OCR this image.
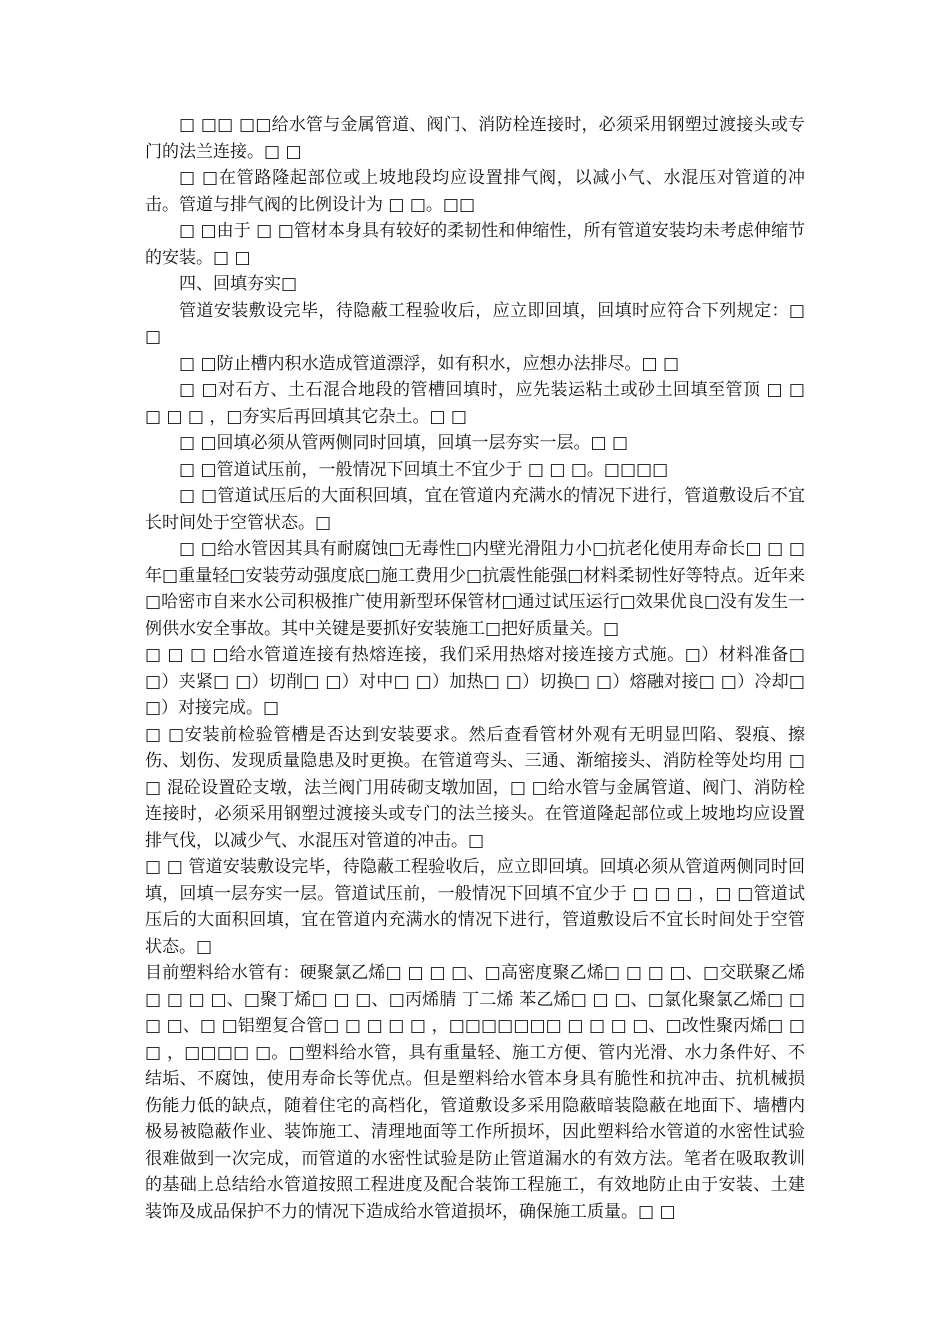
□ □□ □□给水管与金属管道、阀门、消防栓连接时，必须采用钢塑过渡接头或专门的法兰连接。□ □

□ □在管路隆起部位或上坡地段均应设置排气阀，以减小气、水混压对管道的冲击。管道与排气阀的比例设计为 □ □。□□

□ □由于 □ □管材本身具有较好的柔韧性和伸缩性，所有管道安装均未考虑伸缩节的安装。□ □

四、回填夯实□

管道安装敷设完毕，待隐蔽工程验收后，应立即回填，回填时应符合下列规定：□ □

□ □防止槽内积水造成管道漂浮，如有积水，应想办法排尽。□ □

□ □对石方、土石混合地段的管槽回填时，应先装运粘土或砂土回填至管顶 □ □ □ □ □ ，□夯实后再回填其它杂土。□ □

□ □回填必须从管两侧同时回填，回填一层夯实一层。□ □

□ □管道试压前，一般情况下回填土不宜少于 □ □ □。□□□□

□ □管道试压后的大面积回填，宜在管道内充满水的情况下进行，管道敷设后不宜长时间处于空管状态。□

□ □给水管因其具有耐腐蚀□无毒性□内壁光滑阻力小□抗老化使用寿命长□ □ □ 年□重量轻□安装劳动强度底□施工费用少□抗震性能强□材料柔韧性好等特点。近年来□哈密市自来水公司积极推广使用新型环保管材□通过试压运行□效果优良□没有发生一例供水安全事故。其中关键是要抓好安装施工□把好质量关。□

□ □ □ □给水管道连接有热熔连接，我们采用热熔对接连接方式施。□）材料准备□ □）夹紧□ □）切削□ □）对中□ □）加热□ □）切换□ □）熔融对接□ □）冷却□ □）对接完成。□

□ □安装前检验管槽是否达到安装要求。然后查看管材外观有无明显凹陷、裂痕、擦伤、划伤、发现质量隐患及时更换。在管道弯头、三通、渐缩接头、消防栓等处均用 □ □ 混砼设置砼支墩，法兰阀门用砖砌支墩加固，□ □给水管与金属管道、阀门、消防栓连接时，必须采用钢塑过渡接头或专门的法兰接头。在管道隆起部位或上坡地均应设置排气伐，以减少气、水混压对管道的冲击。□

□ □ 管道安装敷设完毕，待隐蔽工程验收后，应立即回填。回填必须从管道两侧同时回填，回填一层夯实一层。管道试压前，一般情况下回填不宜少于 □ □ □ ，□ □管道试压后的大面积回填，宜在管道内充满水的情况下进行，管道敷设后不宜长时间处于空管状态。□

目前塑料给水管有：硬聚氯乙烯□ □ □ □、□高密度聚乙烯□ □ □ □、□交联聚乙烯□ □ □ □、□聚丁烯□ □ □、□丙烯腈 丁二烯 苯乙烯□ □ □、□氯化聚氯乙烯□ □ □ □、□ □铝塑复合管□ □ □ □ □ ，□□□□□□□ □ □ □ □、□改性聚丙烯□ □ □ ，□□□□ □。□塑料给水管，具有重量轻、施工方便、管内光滑、水力条件好、不结垢、不腐蚀，使用寿命长等优点。但是塑料给水管本身具有脆性和抗冲击、抗机械损伤能力低的缺点，随着住宅的高档化，管道敷设多采用隐蔽暗装隐蔽在地面下、墙槽内极易被隐蔽作业、装饰施工、清理地面等工作所损坏，因此塑料给水管道的水密性试验很难做到一次完成，而管道的水密性试验是防止管道漏水的有效方法。笔者在吸取教训的基础上总结给水管道按照工程进度及配合装饰工程施工，有效地防止由于安装、土建装饰及成品保护不力的情况下造成给水管道损坏，确保施工质量。□ □
